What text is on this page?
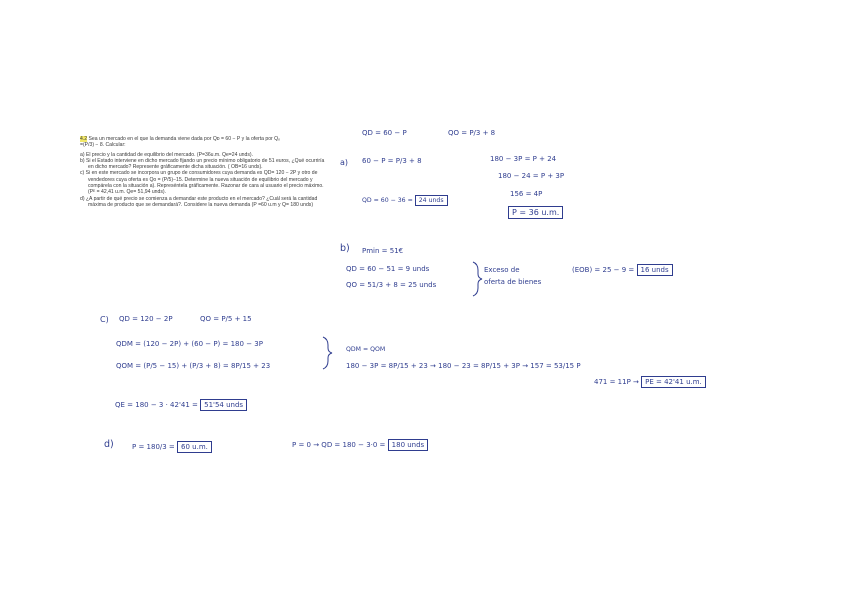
4.2 Sea un mercado en el que la demanda viene dada por Qᴅ = 60 − P y la oferta por Qₒ
=(P/3) − 8. Calcular:
a) El precio y la cantidad de equilibrio del mercado. (P=36u.m. Qe=24 unds).
b) Si el Estado interviene en dicho mercado fijando un precio mínimo obligatorio de 51 euros, ¿Qué ocurriría en dicho mercado? Represente gráficamente dicha situación. ( OB=16 unds).
c) Si en este mercado se incorpora un grupo de consumidores cuya demanda es QD= 120 − 2P y otro de vendedores cuya oferta es Qo = (P/5)−15. Determine la nueva situación de equilibrio del mercado y compárela con la situación a). Represéntela gráficamente. Razonar de cara al usuario el precio máximo. (Pᴱ = 42,41 u.m. Qe= 51,94 unds).
d) ¿A partir de qué precio se comienza a demandar este producto en el mercado? ¿Cuál será la cantidad máxima de producto que se demandará?. Considere la nueva demanda (P =60 u.m y Q= 180 unds)
QD = 60 − P	QO = P/3 + 8
a) 60 − P = P/3 + 8	180 − 3P = P + 24
180 − 24 = P + 3P
156 = 4P
QD = 60 − 36 = 24 unds
P = 36 u.m.
b) Pmin = 51€
QD = 60 − 51 = 9 unds
QO = 51/3 + 8 = 25 unds
Exceso de
oferta de bienes
(EOB) = 25 − 9 = 16 unds
C) QD = 120 − 2P	QO = P/5 + 15
QDM = (120 − 2P) + (60 − P) = 180 − 3P
QOM = (P/5 − 15) + (P/3 + 8) = 8P/15 + 23
QDM = QOM
180 − 3P = 8P/15 + 23 → 180 − 23 = 8P/15 + 3P → 157 = 53/15 P
471 = 11P → PE = 42'41 u.m.
QE = 180 − 3 · 42'41 = 51'54 unds
d)	P = 180/3 = 60 u.m.	P = 0 → QD = 180 − 3·0 = 180 unds
